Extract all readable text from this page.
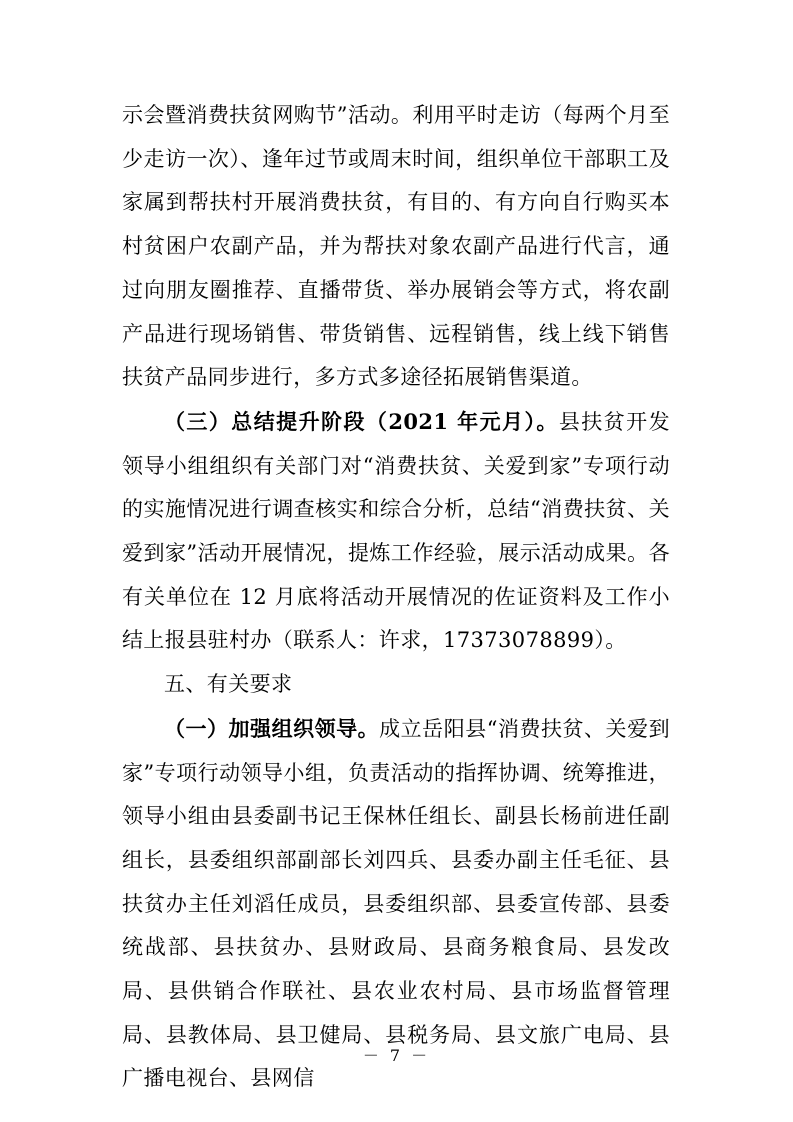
示会暨消费扶贫网购节”活动。利用平时走访（每两个月至少走访一次）、逢年过节或周末时间，组织单位干部职工及家属到帮扶村开展消费扶贫，有目的、有方向自行购买本村贫困户农副产品，并为帮扶对象农副产品进行代言，通过向朋友圈推荐、直播带货、举办展销会等方式，将农副产品进行现场销售、带货销售、远程销售，线上线下销售扶贫产品同步进行，多方式多途径拓展销售渠道。

（三）总结提升阶段（2021 年元月）。县扶贫开发领导小组组织有关部门对“消费扶贫、关爱到家”专项行动的实施情况进行调查核实和综合分析，总结“消费扶贫、关爱到家”活动开展情况，提炼工作经验，展示活动成果。各有关单位在 12 月底将活动开展情况的佐证资料及工作小结上报县驻村办（联系人：许求，17373078899）。

五、有关要求

（一）加强组织领导。成立岳阳县“消费扶贫、关爱到家”专项行动领导小组，负责活动的指挥协调、统筹推进，领导小组由县委副书记王保林任组长、副县长杨前进任副组长，县委组织部副部长刘四兵、县委办副主任毛征、县扶贫办主任刘滔任成员，县委组织部、县委宣传部、县委统战部、县扶贫办、县财政局、县商务粮食局、县发改局、县供销合作联社、县农业农村局、县市场监督管理局、县教体局、县卫健局、县税务局、县文旅广电局、县广播电视台、县网信

－ 7 －
